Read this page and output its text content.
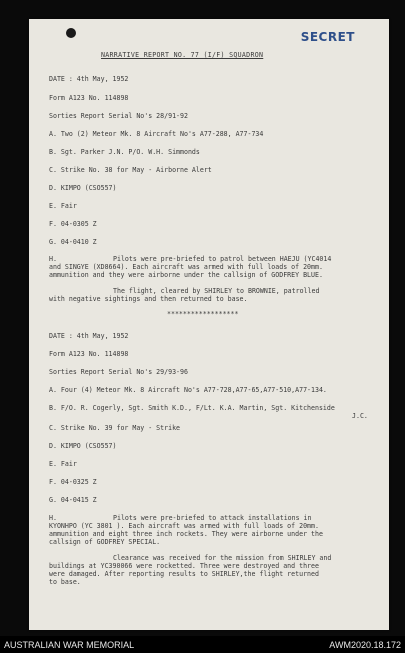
SECRET
NARRATIVE REPORT NO. 77 (I/F) SQUADRON
DATE : 4th May, 1952
Form A123 No. 114898
Sorties Report Serial No's 28/91-92
A. Two (2) Meteor Mk. 8 Aircraft No's A77-288, A77-734
B. Sgt. Parker J.N. P/O. W.H. Simmonds
C. Strike No. 38 for May - Airborne Alert
D. KIMPO (CSO557)
E. Fair
F. 04-0305 Z
G. 04-0410 Z
H.	Pilots were pre-briefed to patrol between HAEJU (YC4014
and SINGYE (XD8664). Each aircraft was armed with full loads of 20mm.
ammunition and they were airborne under the callsign of GODFREY BLUE.
The flight, cleared by SHIRLEY to BROWNIE, patrolled
with negative sightings and then returned to base.
******************
DATE : 4th May, 1952
Form A123 No. 114898
Sorties Report Serial No's 29/93-96
A. Four (4) Meteor Mk. 8 Aircraft No's A77-728,A77-65,A77-510,A77-134.
B. F/O. R. Cogerly, Sgt. Smith K.D., F/Lt. K.A. Martin, Sgt. Kitchenside
J.C.
C. Strike No. 39 for May - Strike
D. KIMPO (CSO557)
E. Fair
F. 04-0325 Z
G. 04-0415 Z
H.	Pilots were pre-briefed to attack installations in
KYONHPO (YC 3801 ). Each aircraft was armed with full loads of 20mm.
ammunition and eight three inch rockets. They were airborne under the
callsign of GODFREY SPECIAL.
Clearance was received for the mission from SHIRLEY and
buildings at YC390066 were rocketted. Three were destroyed and three
were damaged. After reporting results to SHIRLEY,the flight returned
to base.
AUSTRALIAN WAR MEMORIAL	AWM2020.18.172
